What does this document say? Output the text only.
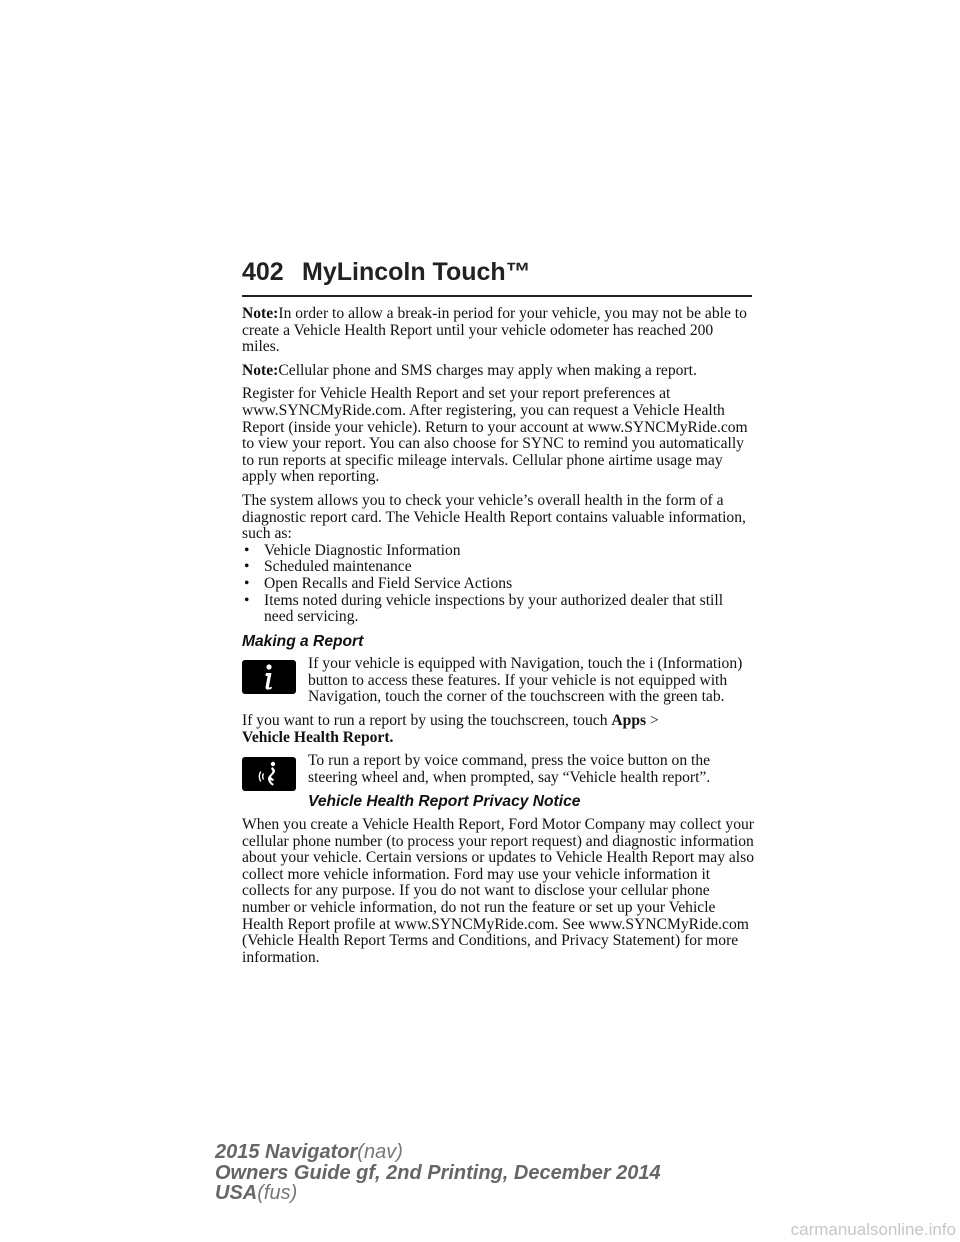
402 MyLincoln Touch™

Note:In order to allow a break-in period for your vehicle, you may not be able to create a Vehicle Health Report until your vehicle odometer has reached 200 miles.

Note:Cellular phone and SMS charges may apply when making a report.

Register for Vehicle Health Report and set your report preferences at www.SYNCMyRide.com. After registering, you can request a Vehicle Health Report (inside your vehicle). Return to your account at www.SYNCMyRide.com to view your report. You can also choose for SYNC to remind you automatically to run reports at specific mileage intervals. Cellular phone airtime usage may apply when reporting.

The system allows you to check your vehicle’s overall health in the form of a diagnostic report card. The Vehicle Health Report contains valuable information, such as:

• Vehicle Diagnostic Information
• Scheduled maintenance
• Open Recalls and Field Service Actions
• Items noted during vehicle inspections by your authorized dealer that still need servicing.
Making a Report

If your vehicle is equipped with Navigation, touch the i (Information) button to access these features. If your vehicle is not equipped with Navigation, touch the corner of the touchscreen with the green tab.

If you want to run a report by using the touchscreen, touch Apps >
Vehicle Health Report.

To run a report by voice command, press the voice button on the steering wheel and, when prompted, say “Vehicle health report”.

Vehicle Health Report Privacy Notice

When you create a Vehicle Health Report, Ford Motor Company may collect your cellular phone number (to process your report request) and diagnostic information about your vehicle. Certain versions or updates to Vehicle Health Report may also collect more vehicle information. Ford may use your vehicle information it collects for any purpose. If you do not want to disclose your cellular phone number or vehicle information, do not run the feature or set up your Vehicle Health Report profile at www.SYNCMyRide.com. See www.SYNCMyRide.com (Vehicle Health Report Terms and Conditions, and Privacy Statement) for more information.

2015 Navigator(nav)
Owners Guide gf, 2nd Printing, December 2014
USA(fus)
carmanualsonline.info
